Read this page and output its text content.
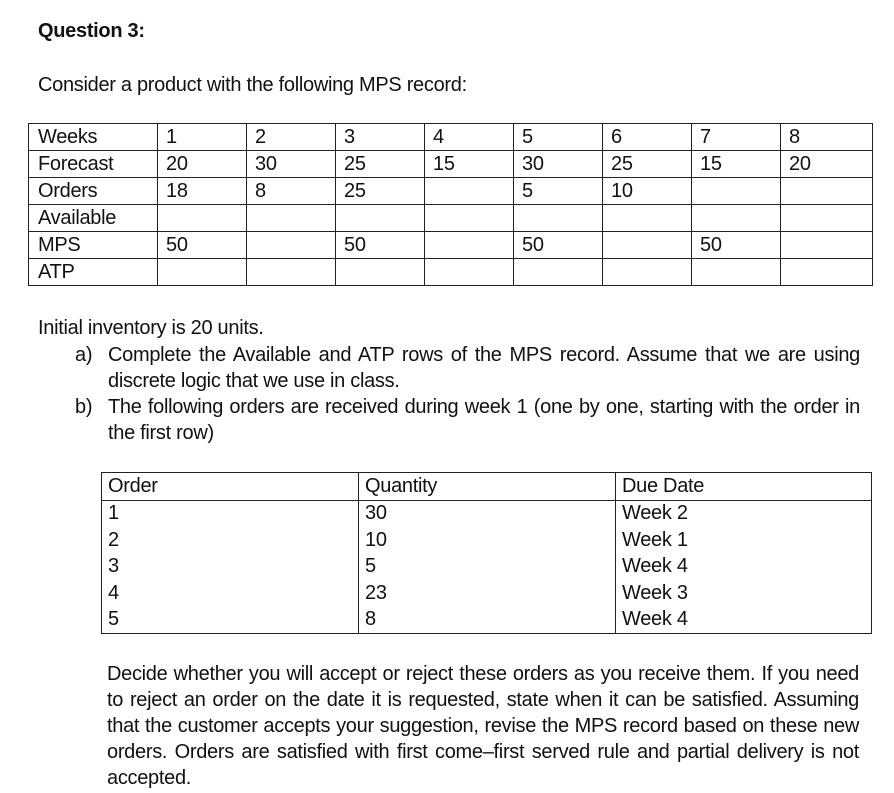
Question 3:
Consider a product with the following MPS record:
Weeks	1	2	3	4	5	6	7	8
Forecast	20	30	25	15	30	25	15	20
Orders	18	8	25		5	10		
Available								
MPS	50		50		50		50	
ATP								
Initial inventory is 20 units.
a) Complete the Available and ATP rows of the MPS record. Assume that we are using discrete logic that we use in class.
b) The following orders are received during week 1 (one by one, starting with the order in the first row)
Order	Quantity	Due Date
1	30	Week 2
2	10	Week 1
3	5	Week 4
4	23	Week 3
5	8	Week 4
Decide whether you will accept or reject these orders as you receive them. If you need to reject an order on the date it is requested, state when it can be satisfied. Assuming that the customer accepts your suggestion, revise the MPS record based on these new orders. Orders are satisfied with first come–first served rule and partial delivery is not accepted.
